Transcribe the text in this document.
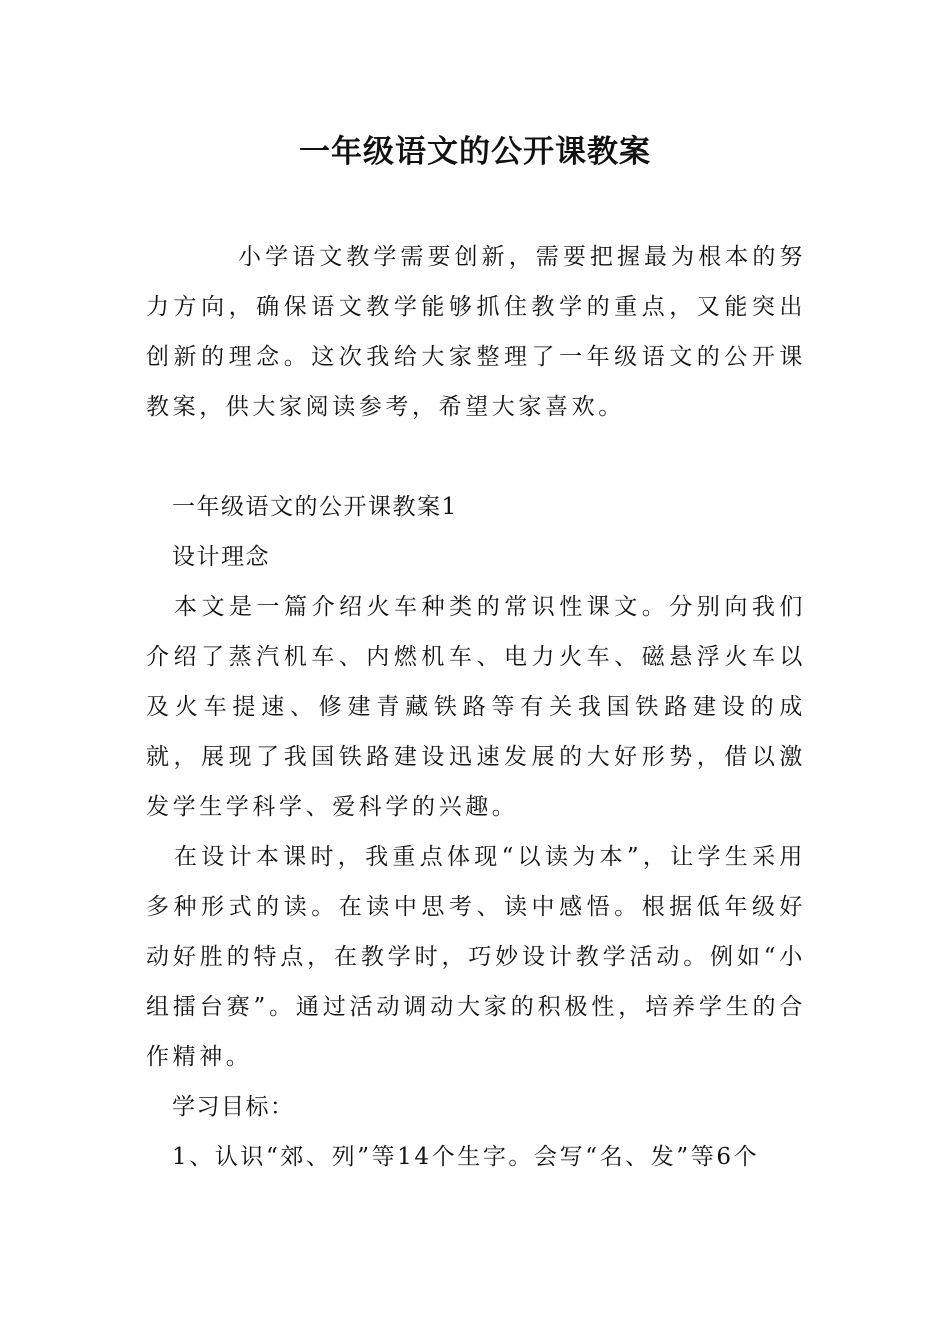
一年级语文的公开课教案

小学语文教学需要创新，需要把握最为根本的努力方向，确保语文教学能够抓住教学的重点，又能突出创新的理念。这次我给大家整理了一年级语文的公开课教案，供大家阅读参考，希望大家喜欢。

一年级语文的公开课教案1

设计理念

本文是一篇介绍火车种类的常识性课文。分别向我们介绍了蒸汽机车、内燃机车、电力火车、磁悬浮火车以及火车提速、修建青藏铁路等有关我国铁路建设的成就，展现了我国铁路建设迅速发展的大好形势，借以激发学生学科学、爱科学的兴趣。

在设计本课时，我重点体现“以读为本”，让学生采用多种形式的读。在读中思考、读中感悟。根据低年级好动好胜的特点，在教学时，巧妙设计教学活动。例如“小组擂台赛”。通过活动调动大家的积极性，培养学生的合作精神。

学习目标：

1、认识“郊、列”等14个生字。会写“名、发”等6个
